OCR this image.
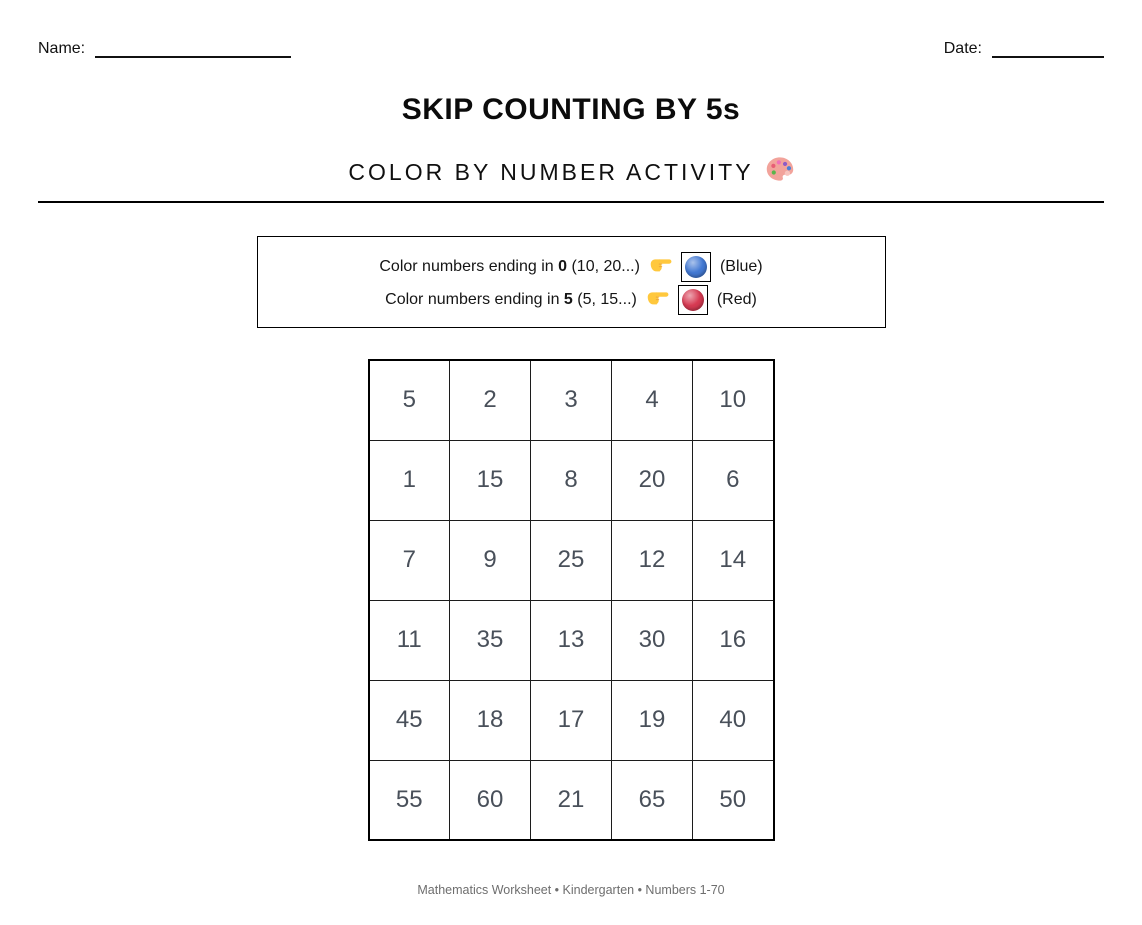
Name:	Date:
SKIP COUNTING BY 5s
COLOR BY NUMBER ACTIVITY
Color numbers ending in 0 (10, 20...)	(Blue)
Color numbers ending in 5 (5, 15...)	(Red)
5	2	3	4	10
1	15	8	20	6
7	9	25	12	14
11	35	13	30	16
45	18	17	19	40
55	60	21	65	50
Mathematics Worksheet • Kindergarten • Numbers 1-70
